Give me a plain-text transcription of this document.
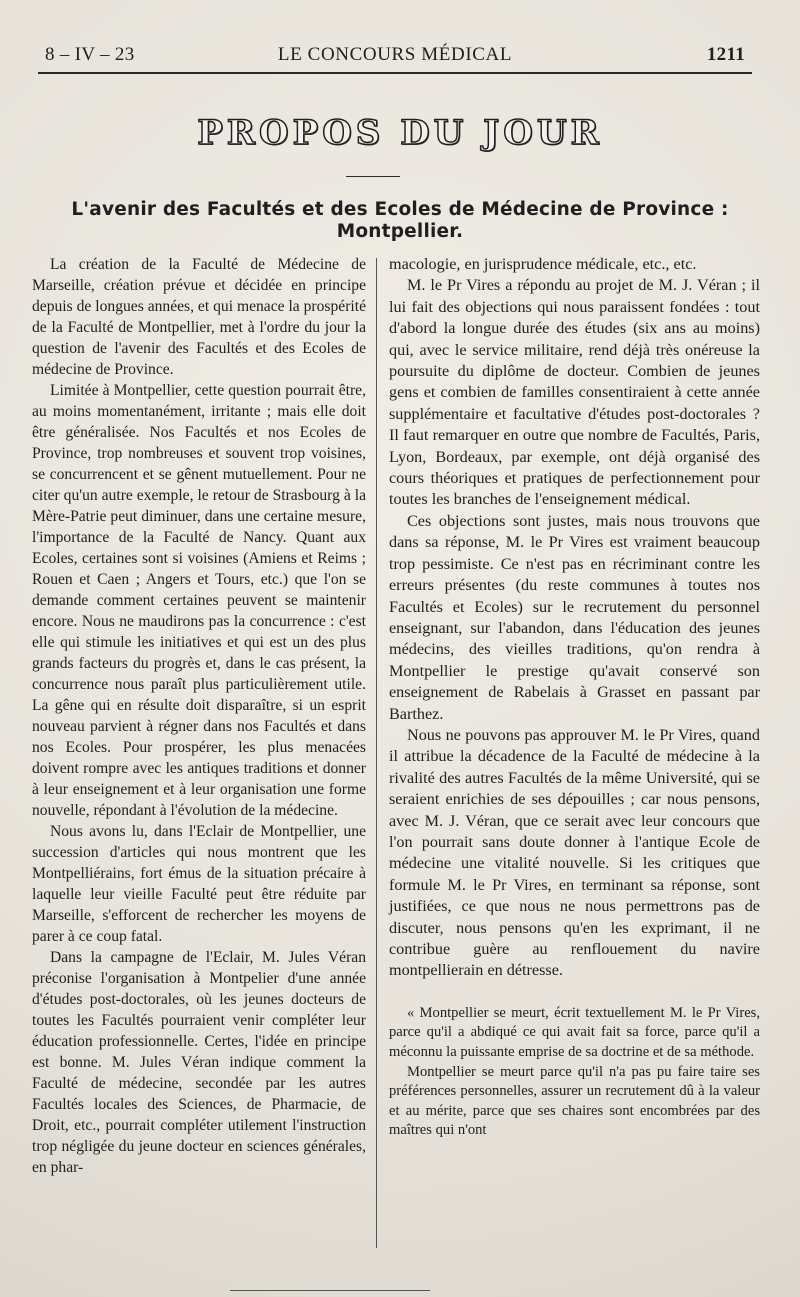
8 – IV – 23	LE CONCOURS MÉDICAL	1211
PROPOS DU JOUR
L'avenir des Facultés et des Ecoles de Médecine de Province : Montpellier.

La création de la Faculté de Médecine de Marseille, création prévue et décidée en principe depuis de longues années, et qui menace la prospérité de la Faculté de Montpellier, met à l'ordre du jour la question de l'avenir des Facultés et des Ecoles de médecine de Province.

Limitée à Montpellier, cette question pourrait être, au moins momentanément, irritante ; mais elle doit être généralisée. Nos Facultés et nos Ecoles de Province, trop nombreuses et souvent trop voisines, se concurrencent et se gênent mutuellement. Pour ne citer qu'un autre exemple, le retour de Strasbourg à la Mère-Patrie peut diminuer, dans une certaine mesure, l'importance de la Faculté de Nancy. Quant aux Ecoles, certaines sont si voisines (Amiens et Reims ; Rouen et Caen ; Angers et Tours, etc.) que l'on se demande comment certaines peuvent se maintenir encore. Nous ne maudirons pas la concurrence : c'est elle qui stimule les initiatives et qui est un des plus grands facteurs du progrès et, dans le cas présent, la concurrence nous paraît plus particulièrement utile. La gêne qui en résulte doit disparaître, si un esprit nouveau parvient à régner dans nos Facultés et dans nos Ecoles. Pour prospérer, les plus menacées doivent rompre avec les antiques traditions et donner à leur enseignement et à leur organisation une forme nouvelle, répondant à l'évolution de la médecine.

Nous avons lu, dans l'Eclair de Montpellier, une succession d'articles qui nous montrent que les Montpelliérains, fort émus de la situation précaire à laquelle leur vieille Faculté peut être réduite par Marseille, s'efforcent de rechercher les moyens de parer à ce coup fatal.

Dans la campagne de l'Eclair, M. Jules Véran préconise l'organisation à Montpelier d'une année d'études post-doctorales, où les jeunes docteurs de toutes les Facultés pourraient venir compléter leur éducation professionnelle. Certes, l'idée en principe est bonne. M. Jules Véran indique comment la Faculté de médecine, secondée par les autres Facultés locales des Sciences, de Pharmacie, de Droit, etc., pourrait compléter utilement l'instruction trop négligée du jeune docteur en sciences générales, en phar-

macologie, en jurisprudence médicale, etc., etc.

M. le Pr Vires a répondu au projet de M. J. Véran ; il lui fait des objections qui nous paraissent fondées : tout d'abord la longue durée des études (six ans au moins) qui, avec le service militaire, rend déjà très onéreuse la poursuite du diplôme de docteur. Combien de jeunes gens et combien de familles consentiraient à cette année supplémentaire et facultative d'études post-doctorales ? Il faut remarquer en outre que nombre de Facultés, Paris, Lyon, Bordeaux, par exemple, ont déjà organisé des cours théoriques et pratiques de perfectionnement pour toutes les branches de l'enseignement médical.

Ces objections sont justes, mais nous trouvons que dans sa réponse, M. le Pr Vires est vraiment beaucoup trop pessimiste. Ce n'est pas en récriminant contre les erreurs présentes (du reste communes à toutes nos Facultés et Ecoles) sur le recrutement du personnel enseignant, sur l'abandon, dans l'éducation des jeunes médecins, des vieilles traditions, qu'on rendra à Montpellier le prestige qu'avait conservé son enseignement de Rabelais à Grasset en passant par Barthez.

Nous ne pouvons pas approuver M. le Pr Vires, quand il attribue la décadence de la Faculté de médecine à la rivalité des autres Facultés de la même Université, qui se seraient enrichies de ses dépouilles ; car nous pensons, avec M. J. Véran, que ce serait avec leur concours que l'on pourrait sans doute donner à l'antique Ecole de médecine une vitalité nouvelle. Si les critiques que formule M. le Pr Vires, en terminant sa réponse, sont justifiées, ce que nous ne nous permettrons pas de discuter, nous pensons qu'en les exprimant, il ne contribue guère au renflouement du navire montpellierain en détresse.

« Montpellier se meurt, écrit textuellement M. le Pr Vires, parce qu'il a abdiqué ce qui avait fait sa force, parce qu'il a méconnu la puissante emprise de sa doctrine et de sa méthode.

Montpellier se meurt parce qu'il n'a pas pu faire taire ses préférences personnelles, assurer un recrutement dû à la valeur et au mérite, parce que ses chaires sont encombrées par des maîtres qui n'ont
